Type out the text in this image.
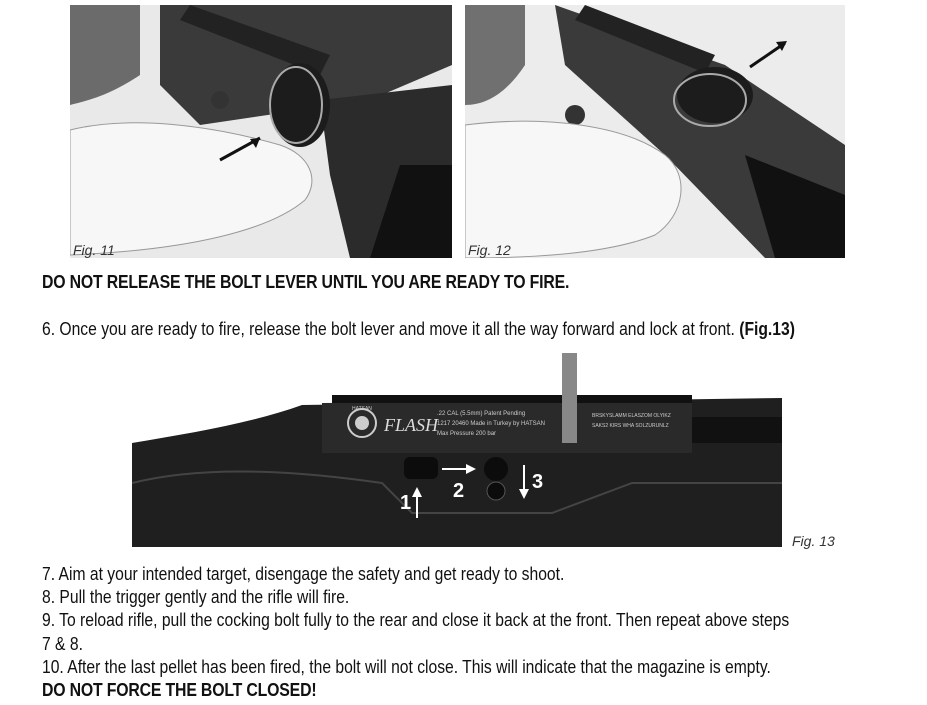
Fig. 11	Fig. 12
DO NOT RELEASE THE BOLT LEVER UNTIL YOU ARE READY TO FIRE.
6. Once you are ready to fire, release the bolt lever and move it all the way forward and lock at front. (Fig.13)
HATSAN
FLASH
.22 CAL (5.5mm) Patent Pending
1217 20460 Made in Turkey by HATSAN
Max Pressure 200 bar
BRSKYSLAMM ELASZOM OLYIKZ
SAKS2 KIRS WHA SOLZURUNLZ
1
2	3
Fig. 13
7. Aim at your intended target, disengage the safety and get ready to shoot.
8. Pull the trigger gently and the rifle will fire.
9. To reload rifle, pull the cocking bolt fully to the rear and close it back at the front. Then repeat above steps
7 & 8.
10. After the last pellet has been fired, the bolt will not close. This will indicate that the magazine is empty.
DO NOT FORCE THE BOLT CLOSED!
